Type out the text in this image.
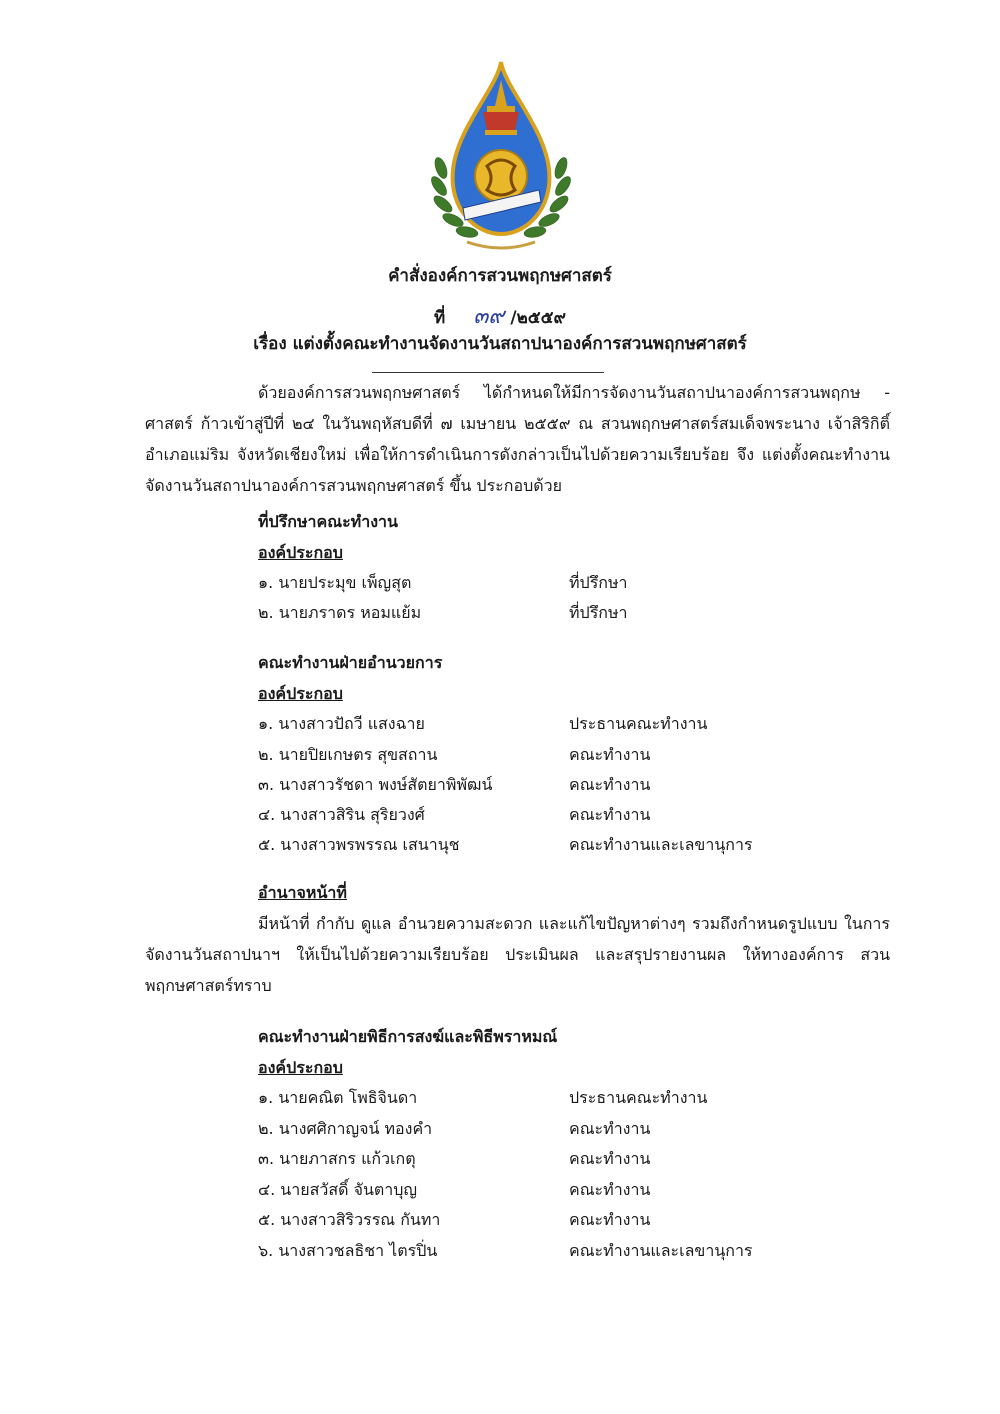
คำสั่งองค์การสวนพฤกษศาสตร์
ที่ ๓๙ /๒๕๕๙
เรื่อง แต่งตั้งคณะทำงานจัดงานวันสถาปนาองค์การสวนพฤกษศาสตร์
ด้วยองค์การสวนพฤกษศาสตร์ ได้กำหนดให้มีการจัดงานวันสถาปนาองค์การสวนพฤกษ - ศาสตร์ ก้าวเข้าสู่ปีที่ ๒๔ ในวันพฤหัสบดีที่ ๗ เมษายน ๒๕๕๙ ณ สวนพฤกษศาสตร์สมเด็จพระนาง เจ้าสิริกิติ์ อำเภอแม่ริม จังหวัดเชียงใหม่ เพื่อให้การดำเนินการดังกล่าวเป็นไปด้วยความเรียบร้อย จึง แต่งตั้งคณะทำงานจัดงานวันสถาปนาองค์การสวนพฤกษศาสตร์ ขึ้น ประกอบด้วย
ที่ปรึกษาคณะทำงาน
องค์ประกอบ
๑. นายประมุข เพ็ญสุต	ที่ปรึกษา
๒. นายภราดร หอมแย้ม	ที่ปรึกษา
คณะทำงานฝ่ายอำนวยการ
องค์ประกอบ
๑. นางสาวปัถวี แสงฉาย	ประธานคณะทำงาน
๒. นายปิยเกษตร สุขสถาน	คณะทำงาน
๓. นางสาวรัชดา พงษ์สัตยาพิพัฒน์	คณะทำงาน
๔. นางสาวสิริน สุริยวงศ์	คณะทำงาน
๕. นางสาวพรพรรณ เสนานุช	คณะทำงานและเลขานุการ
อำนาจหน้าที่
มีหน้าที่ กำกับ ดูแล อำนวยความสะดวก และแก้ไขปัญหาต่างๆ รวมถึงกำหนดรูปแบบ ในการจัดงานวันสถาปนาฯ ให้เป็นไปด้วยความเรียบร้อย ประเมินผล และสรุปรายงานผล ให้ทางองค์การ สวนพฤกษศาสตร์ทราบ
คณะทำงานฝ่ายพิธีการสงฆ์และพิธีพราหมณ์
องค์ประกอบ
๑. นายคณิต โพธิจินดา	ประธานคณะทำงาน
๒. นางศศิกาญจน์ ทองคำ	คณะทำงาน
๓. นายภาสกร แก้วเกตุ	คณะทำงาน
๔. นายสวัสดิ์ จันตาบุญ	คณะทำงาน
๕. นางสาวสิริวรรณ กันทา	คณะทำงาน
๖. นางสาวชลธิชา ไตรปิ่น	คณะทำงานและเลขานุการ
